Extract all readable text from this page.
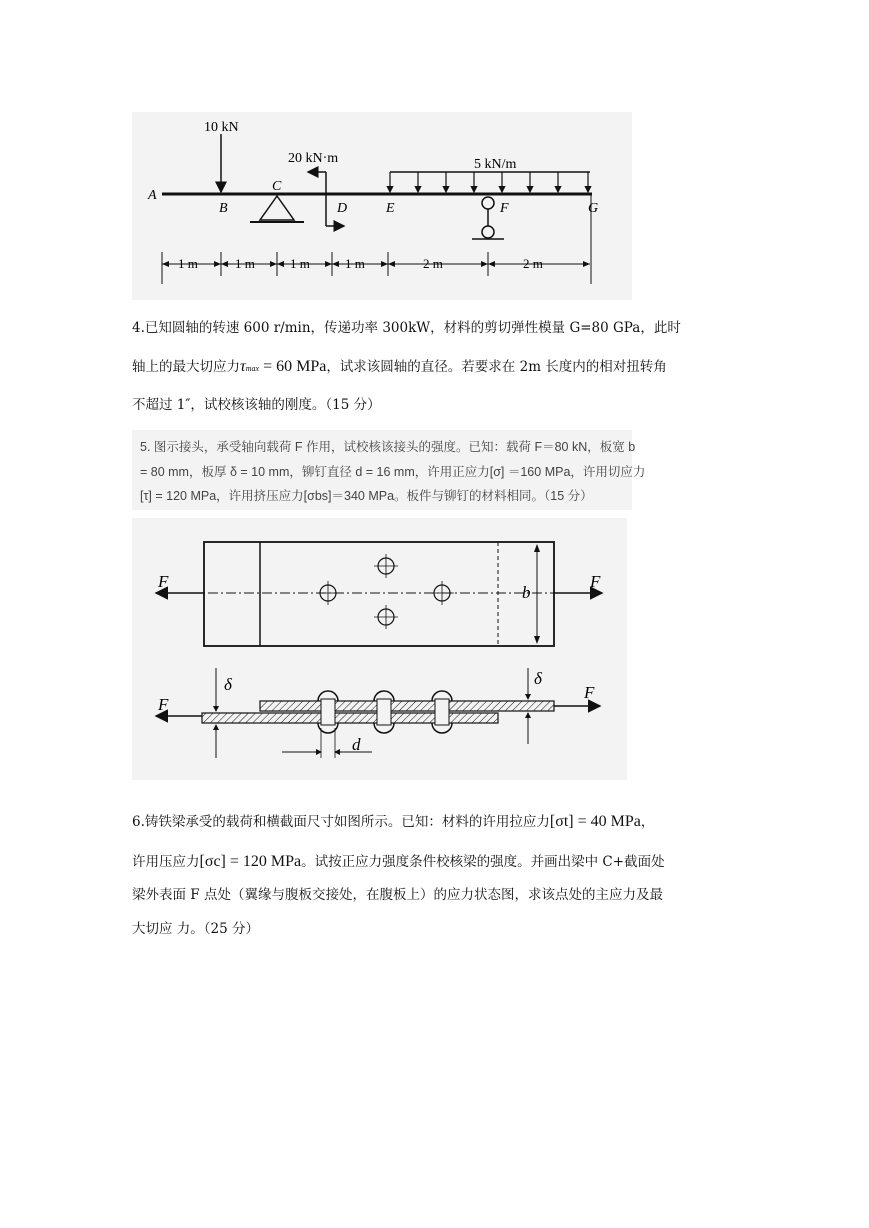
10 kN
20 kN·m	5 kN/m
A
B
C
D	E	F	G
1 m	1 m	1 m	1 m	2 m	2 m
4.已知圆轴的转速 600 r/min，传递功率 300kW，材料的剪切弹性模量 G=80 GPa，此时
轴上的最大切应力τmax = 60 MPa，试求该圆轴的直径。若要求在 2m 长度内的相对扭转角
不超过 1″，试校核该轴的刚度。（15 分）
5. 图示接头，承受轴向载荷 F 作用，试校核该接头的强度。已知：载荷 F＝80 kN，板宽 b
= 80 mm，板厚 δ = 10 mm，铆钉直径 d = 16 mm，许用正应力[σ] ＝160 MPa，许用切应力
[τ] = 120 MPa，许用挤压应力[σbs]＝340 MPa。板件与铆钉的材料相同。（15 分）
F	F
b
F
F
δ	δ
d
6.铸铁梁承受的载荷和横截面尺寸如图所示。已知：材料的许用拉应力[σt] = 40 MPa，
许用压应力[σc] = 120 MPa。试按正应力强度条件校核梁的强度。并画出梁中 C+截面处
梁外表面 F 点处（翼缘与腹板交接处，在腹板上）的应力状态图，求该点处的主应力及最
大切应 力。（25 分）
